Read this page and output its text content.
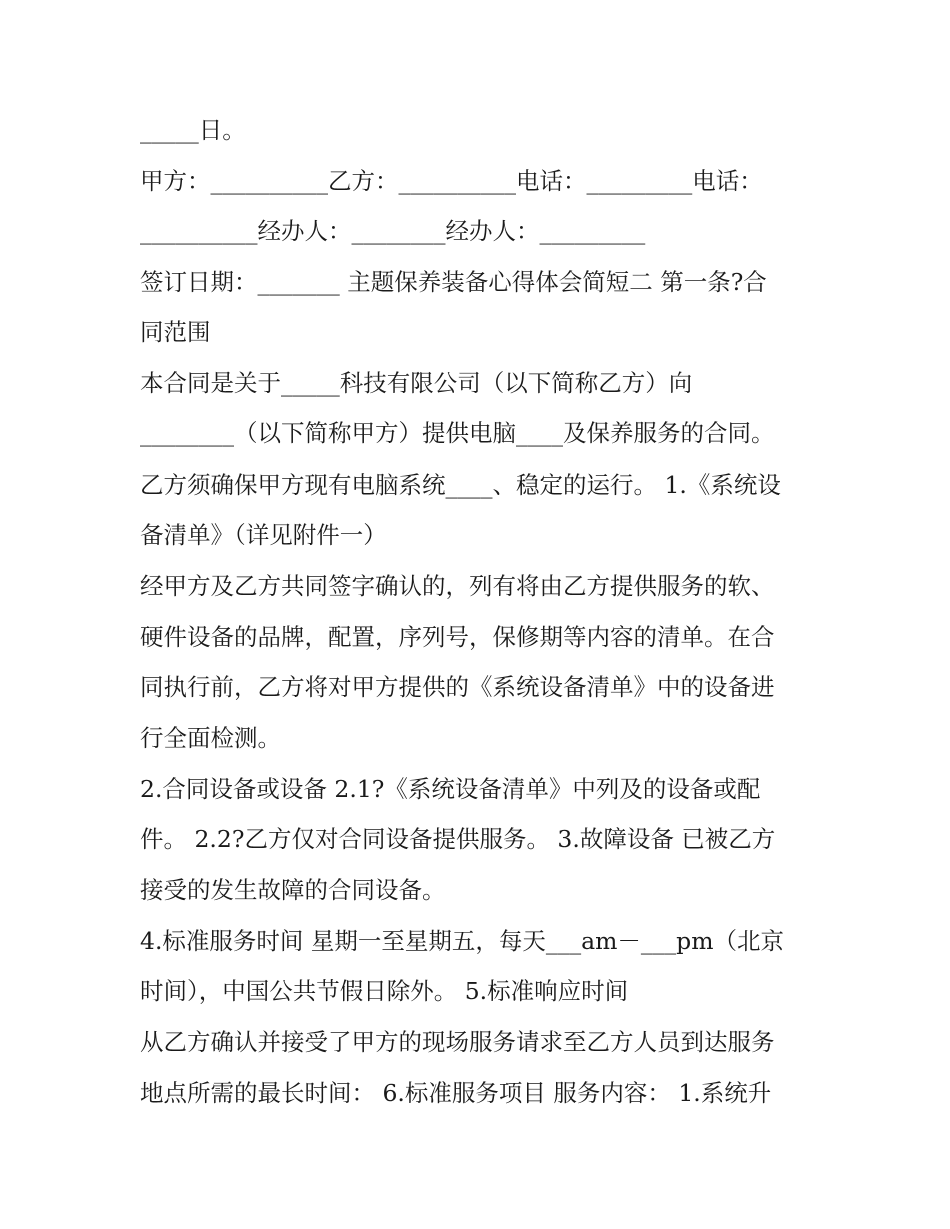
_____日。

甲方：__________乙方：__________电话：_________电话：

__________经办人：________经办人：_________

签订日期：_______ 主题保养装备心得体会简短二 第一条?合

同范围

本合同是关于_____科技有限公司（以下简称乙方）向

________（以下简称甲方）提供电脑____及保养服务的合同。

乙方须确保甲方现有电脑系统____、稳定的运行。 1.《系统设

备清单》（详见附件一）

经甲方及乙方共同签字确认的，列有将由乙方提供服务的软、

硬件设备的品牌，配置，序列号，保修期等内容的清单。在合

同执行前，乙方将对甲方提供的《系统设备清单》中的设备进

行全面检测。

2.合同设备或设备 2.1?《系统设备清单》中列及的设备或配

件。 2.2?乙方仅对合同设备提供服务。 3.故障设备 已被乙方

接受的发生故障的合同设备。

4.标准服务时间 星期一至星期五，每天___am－___pm（北京

时间），中国公共节假日除外。 5.标准响应时间

从乙方确认并接受了甲方的现场服务请求至乙方人员到达服务

地点所需的最长时间： 6.标准服务项目 服务内容： 1.系统升
